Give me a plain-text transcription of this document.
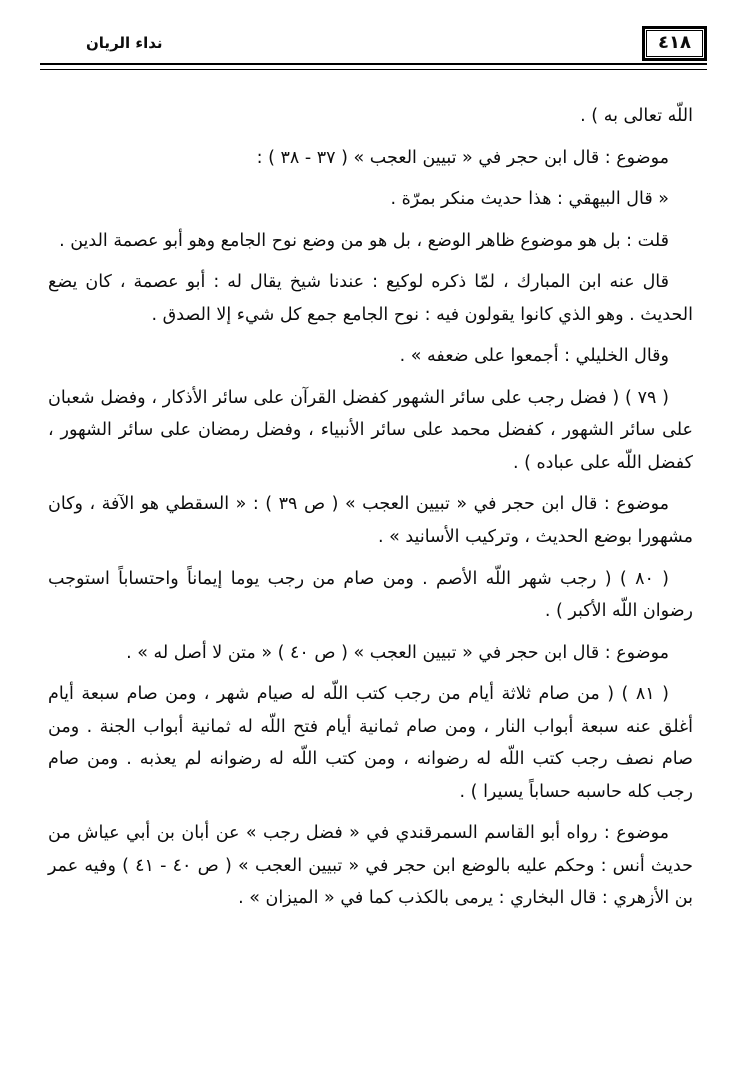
نداء الريان	٤١٨

اللّه تعالى به ) .

موضوع : قال ابن حجر في « تبيين العجب » ( ٣٧ - ٣٨ ) :

« قال البيهقي : هذا حديث منكر بمرّة .

قلت : بل هو موضوع ظاهر الوضع ، بل هو من وضع نوح الجامع وهو أبو عصمة الدين .

قال عنه ابن المبارك ، لمّا ذكره لوكيع : عندنا شيخ يقال له : أبو عصمة ، كان يضع الحديث . وهو الذي كانوا يقولون فيه : نوح الجامع جمع كل شيء إلا الصدق .

وقال الخليلي : أجمعوا على ضعفه » .

( ٧٩ ) ( فضل رجب على سائر الشهور كفضل القرآن على سائر الأذكار ، وفضل شعبان على سائر الشهور ، كفضل محمد على سائر الأنبياء ، وفضل رمضان على سائر الشهور ، كفضل اللّه على عباده ) .

موضوع : قال ابن حجر في « تبيين العجب » ( ص ٣٩ ) : « السقطي هو الآفة ، وكان مشهورا بوضع الحديث ، وتركيب الأسانيد » .

( ٨٠ ) ( رجب شهر اللّه الأصم . ومن صام من رجب يوما إيماناً واحتساباً استوجب رضوان اللّه الأكبر ) .

موضوع : قال ابن حجر في « تبيين العجب » ( ص ٤٠ ) « متن لا أصل له » .

( ٨١ ) ( من صام ثلاثة أيام من رجب كتب اللّه له صيام شهر ، ومن صام سبعة أيام أغلق عنه سبعة أبواب النار ، ومن صام ثمانية أيام فتح اللّه له ثمانية أبواب الجنة . ومن صام نصف رجب كتب اللّه له رضوانه ، ومن كتب اللّه له رضوانه لم يعذبه . ومن صام رجب كله حاسبه حساباً يسيرا ) .

موضوع : رواه أبو القاسم السمرقندي في « فضل رجب » عن أبان بن أبي عياش من حديث أنس : وحكم عليه بالوضع ابن حجر في « تبيين العجب » ( ص ٤٠ - ٤١ ) وفيه عمر بن الأزهري : قال البخاري : يرمى بالكذب كما في « الميزان » .
